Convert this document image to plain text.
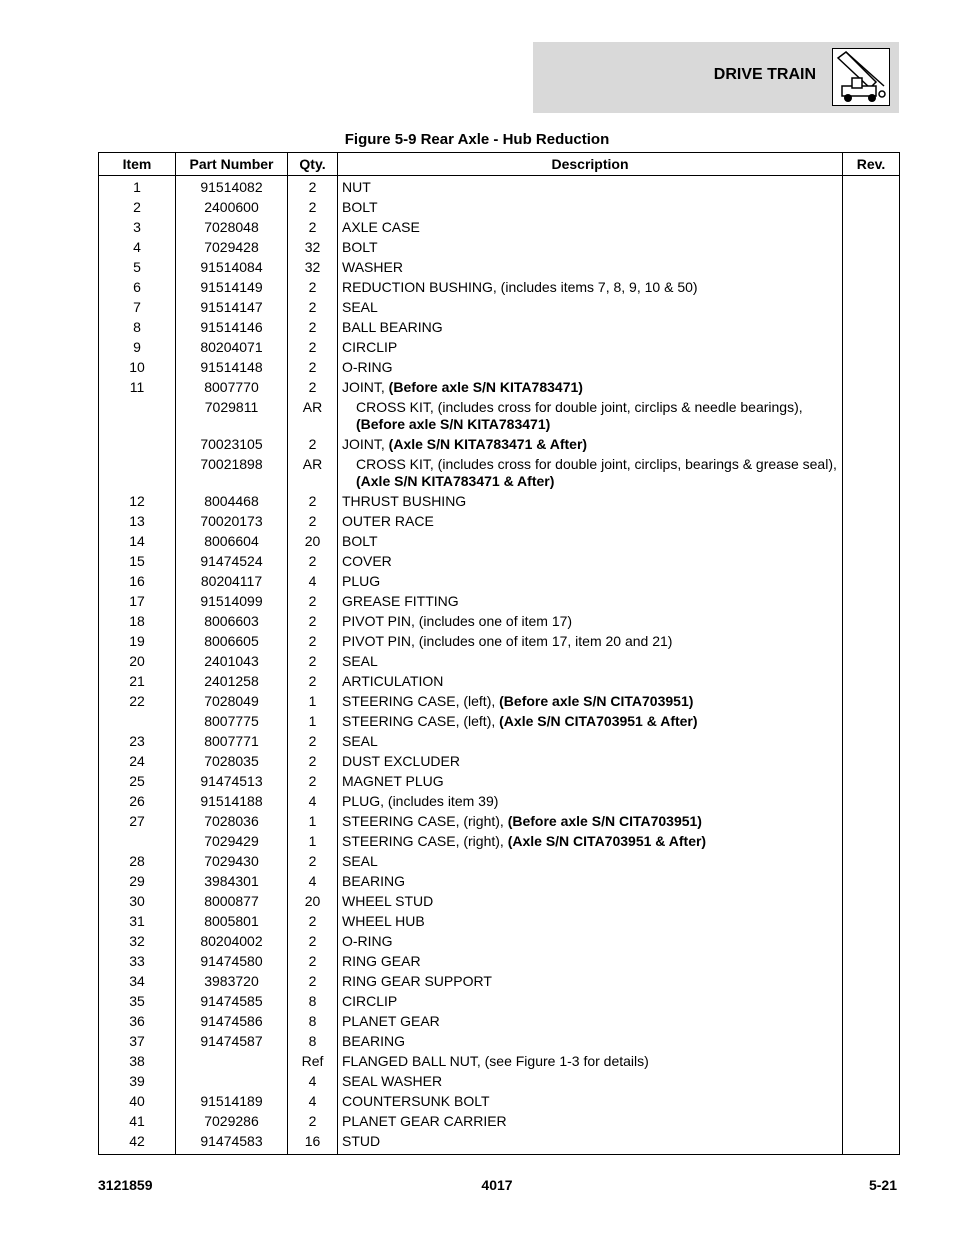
DRIVE TRAIN
Figure 5-9 Rear Axle - Hub Reduction
Item	Part Number	Qty.	Description	Rev.
1	91514082	2	NUT	
2	2400600	2	BOLT	
3	7028048	2	AXLE CASE	
4	7029428	32	BOLT	
5	91514084	32	WASHER	
6	91514149	2	REDUCTION BUSHING, (includes items 7, 8, 9, 10 & 50)	
7	91514147	2	SEAL	
8	91514146	2	BALL BEARING	
9	80204071	2	CIRCLIP	
10	91514148	2	O-RING	
11	8007770	2	JOINT, (Before axle S/N KITA783471)	
	7029811	AR	CROSS KIT, (includes cross for double joint, circlips & needle bearings),
(Before axle S/N KITA783471)	

	70023105	2	JOINT, (Axle S/N KITA783471 & After)	
	70021898	AR	CROSS KIT, (includes cross for double joint, circlips, bearings & grease seal),
(Axle S/N KITA783471 & After)	

12	8004468	2	THRUST BUSHING	
13	70020173	2	OUTER RACE	
14	8006604	20	BOLT	
15	91474524	2	COVER	
16	80204117	4	PLUG	
17	91514099	2	GREASE FITTING	
18	8006603	2	PIVOT PIN, (includes one of item 17)	
19	8006605	2	PIVOT PIN, (includes one of item 17, item 20 and 21)	
20	2401043	2	SEAL	
21	2401258	2	ARTICULATION	
22	7028049	1	STEERING CASE, (left), (Before axle S/N CITA703951)	
	8007775	1	STEERING CASE, (left), (Axle S/N CITA703951 & After)	
23	8007771	2	SEAL	
24	7028035	2	DUST EXCLUDER	
25	91474513	2	MAGNET PLUG	
26	91514188	4	PLUG, (includes item 39)	
27	7028036	1	STEERING CASE, (right), (Before axle S/N CITA703951)	
	7029429	1	STEERING CASE, (right), (Axle S/N CITA703951 & After)	
28	7029430	2	SEAL	
29	3984301	4	BEARING	
30	8000877	20	WHEEL STUD	
31	8005801	2	WHEEL HUB	
32	80204002	2	O-RING	
33	91474580	2	RING GEAR	
34	3983720	2	RING GEAR SUPPORT	
35	91474585	8	CIRCLIP	
36	91474586	8	PLANET GEAR	
37	91474587	8	BEARING	
38		Ref	FLANGED BALL NUT, (see Figure 1-3 for details)	
39		4	SEAL WASHER	
40	91514189	4	COUNTERSUNK BOLT	
41	7029286	2	PLANET GEAR CARRIER	
42	91474583	16	STUD	
3121859	4017	5-21
